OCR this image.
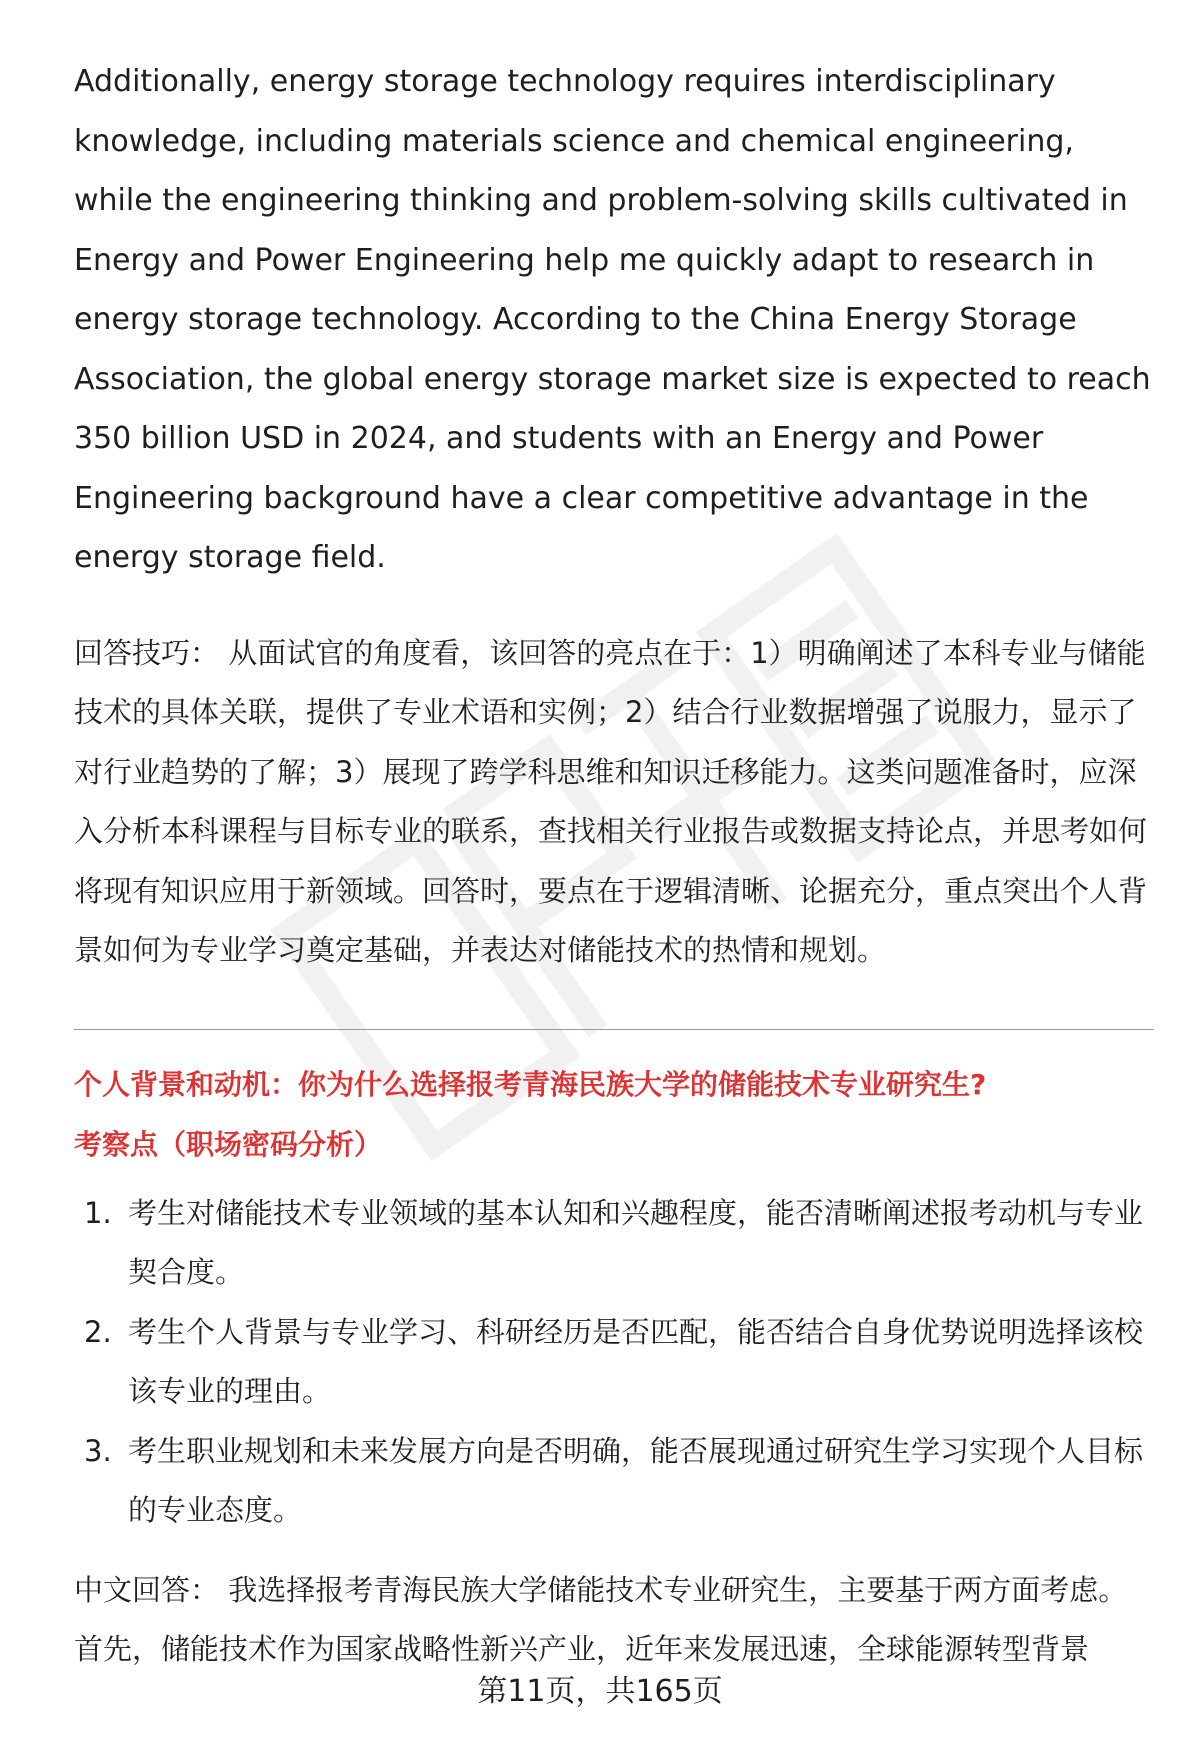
Additionally, energy storage technology requires interdisciplinary knowledge, including materials science and chemical engineering, while the engineering thinking and problem-solving skills cultivated in Energy and Power Engineering help me quickly adapt to research in energy storage technology. According to the China Energy Storage Association, the global energy storage market size is expected to reach 350 billion USD in 2024, and students with an Energy and Power Engineering background have a clear competitive advantage in the energy storage field.

回答技巧： 从面试官的角度看，该回答的亮点在于：1）明确阐述了本科专业与储能技术的具体关联，提供了专业术语和实例；2）结合行业数据增强了说服力，显示了对行业趋势的了解；3）展现了跨学科思维和知识迁移能力。这类问题准备时，应深入分析本科课程与目标专业的联系，查找相关行业报告或数据支持论点，并思考如何将现有知识应用于新领域。回答时，要点在于逻辑清晰、论据充分，重点突出个人背景如何为专业学习奠定基础，并表达对储能技术的热情和规划。

个人背景和动机：你为什么选择报考青海民族大学的储能技术专业研究生?
考察点（职场密码分析）
1. 考生对储能技术专业领域的基本认知和兴趣程度，能否清晰阐述报考动机与专业契合度。
2. 考生个人背景与专业学习、科研经历是否匹配，能否结合自身优势说明选择该校该专业的理由。
3. 考生职业规划和未来发展方向是否明确，能否展现通过研究生学习实现个人目标的专业态度。

中文回答： 我选择报考青海民族大学储能技术专业研究生，主要基于两方面考虑。首先，储能技术作为国家战略性新兴产业，近年来发展迅速，全球能源转型背景

第11页，共165页
